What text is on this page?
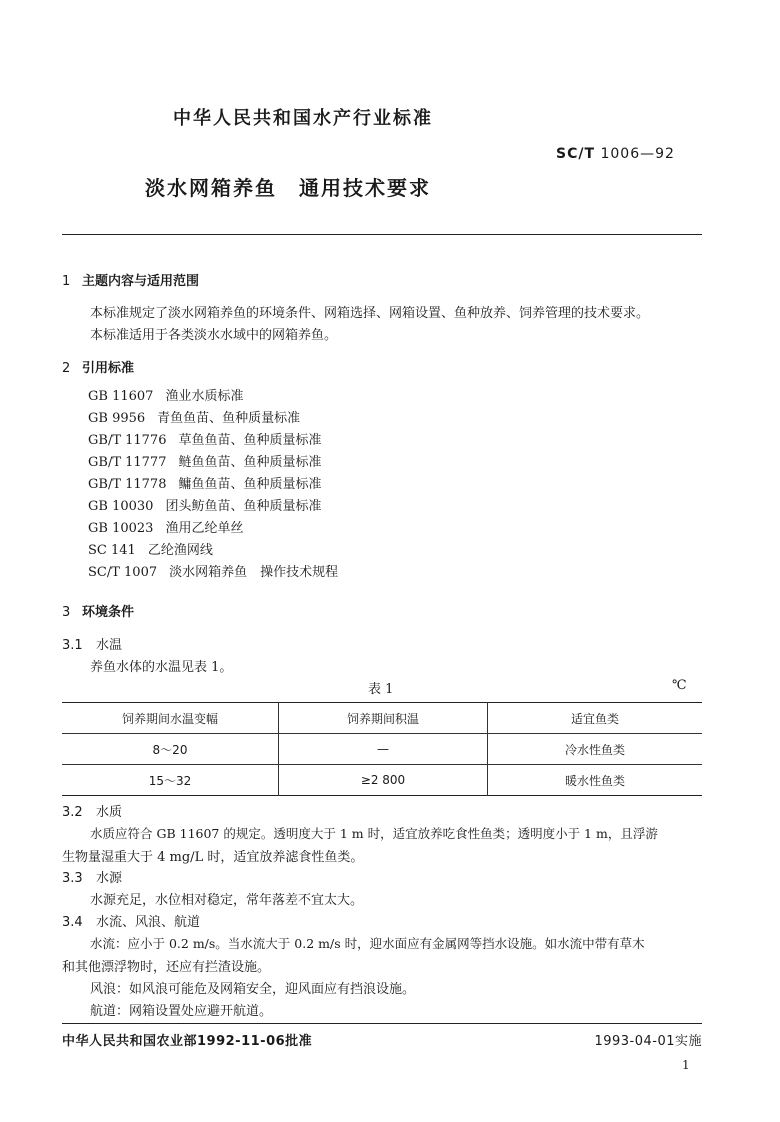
中华人民共和国水产行业标准
SC/T 1006—92
淡水网箱养鱼　通用技术要求
1 主题内容与适用范围
本标准规定了淡水网箱养鱼的环境条件、网箱选择、网箱设置、鱼种放养、饲养管理的技术要求。
本标准适用于各类淡水水域中的网箱养鱼。
2 引用标准
GB 11607 渔业水质标准
GB 9956 青鱼鱼苗、鱼种质量标准
GB/T 11776 草鱼鱼苗、鱼种质量标准
GB/T 11777 鲢鱼鱼苗、鱼种质量标准
GB/T 11778 鳙鱼鱼苗、鱼种质量标准
GB 10030 团头鲂鱼苗、鱼种质量标准
GB 10023 渔用乙纶单丝
SC 141 乙纶渔网线
SC/T 1007 淡水网箱养鱼　操作技术规程
3 环境条件
3.1 水温
养鱼水体的水温见表 1。
表 1	℃
饲养期间水温变幅	饲养期间积温	适宜鱼类
8～20	—	冷水性鱼类
15～32	≥2 800	暖水性鱼类
3.2 水质
水质应符合 GB 11607 的规定。透明度大于 1 m 时，适宜放养吃食性鱼类；透明度小于 1 m，且浮游
生物量湿重大于 4 mg/L 时，适宜放养滤食性鱼类。
3.3 水源
水源充足，水位相对稳定，常年落差不宜太大。
3.4 水流、风浪、航道
水流：应小于 0.2 m/s。当水流大于 0.2 m/s 时，迎水面应有金属网等挡水设施。如水流中带有草木
和其他漂浮物时，还应有拦渣设施。
风浪：如风浪可能危及网箱安全，迎风面应有挡浪设施。
航道：网箱设置处应避开航道。
中华人民共和国农业部1992-11-06批准	1993-04-01实施
1
